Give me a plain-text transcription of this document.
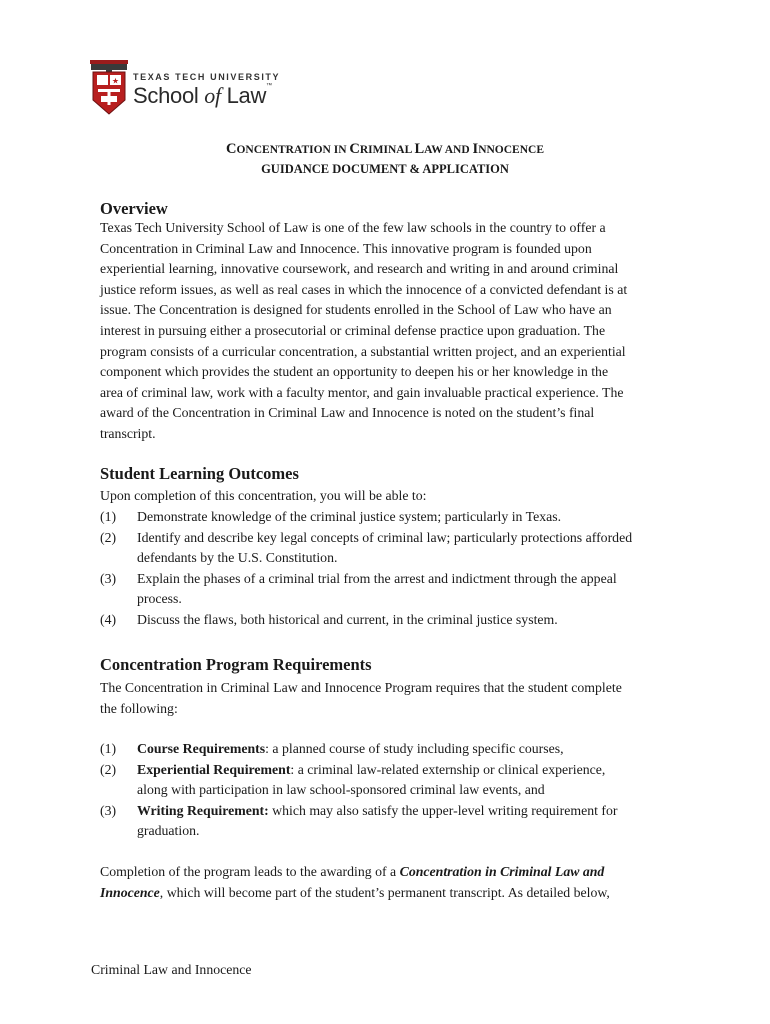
★ TEXAS TECH UNIVERSITY
School of Law™
CONCENTRATION IN CRIMINAL LAW AND INNOCENCE
GUIDANCE DOCUMENT & APPLICATION
Overview
Texas Tech University School of Law is one of the few law schools in the country to offer a
Concentration in Criminal Law and Innocence. This innovative program is founded upon
experiential learning, innovative coursework, and research and writing in and around criminal
justice reform issues, as well as real cases in which the innocence of a convicted defendant is at
issue. The Concentration is designed for students enrolled in the School of Law who have an
interest in pursuing either a prosecutorial or criminal defense practice upon graduation. The
program consists of a curricular concentration, a substantial written project, and an experiential
component which provides the student an opportunity to deepen his or her knowledge in the
area of criminal law, work with a faculty mentor, and gain invaluable practical experience. The
award of the Concentration in Criminal Law and Innocence is noted on the student’s final
transcript.
Student Learning Outcomes
Upon completion of this concentration, you will be able to:
(1) Demonstrate knowledge of the criminal justice system; particularly in Texas.
(2) Identify and describe key legal concepts of criminal law; particularly protections afforded
defendants by the U.S. Constitution.
(3) Explain the phases of a criminal trial from the arrest and indictment through the appeal
process.
(4) Discuss the flaws, both historical and current, in the criminal justice system.
Concentration Program Requirements
The Concentration in Criminal Law and Innocence Program requires that the student complete
the following:
(1) Course Requirements: a planned course of study including specific courses,
(2) Experiential Requirement: a criminal law-related externship or clinical experience,
along with participation in law school-sponsored criminal law events, and
(3) Writing Requirement: which may also satisfy the upper-level writing requirement for
graduation.
Completion of the program leads to the awarding of a Concentration in Criminal Law and
Innocence, which will become part of the student’s permanent transcript. As detailed below,
Criminal Law and Innocence
